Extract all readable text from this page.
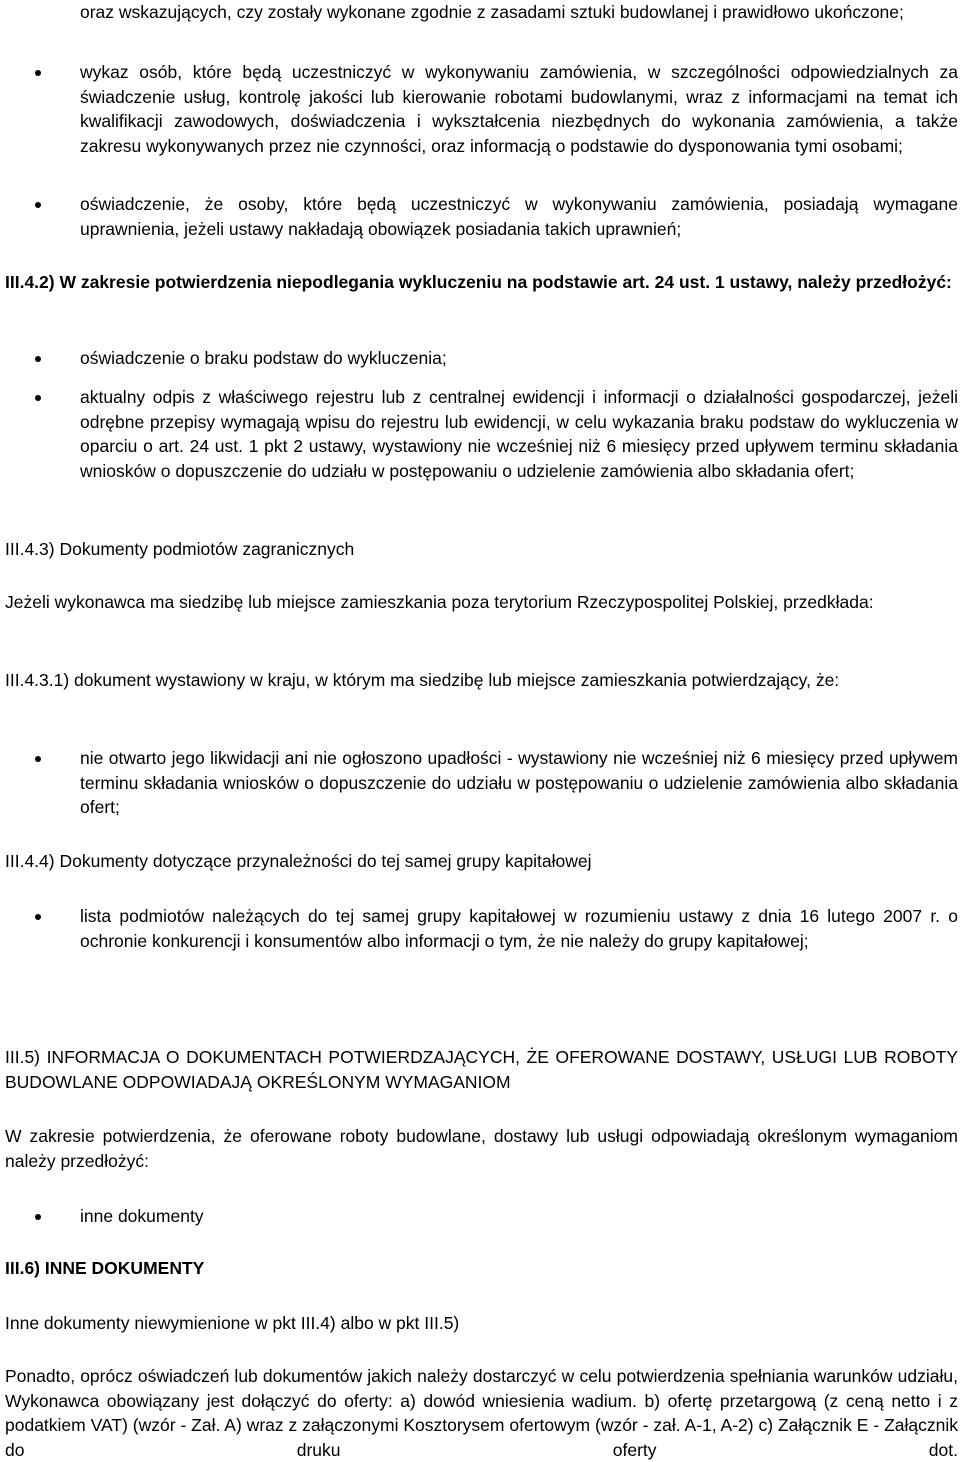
oraz wskazujących, czy zostały wykonane zgodnie z zasadami sztuki budowlanej i prawidłowo ukończone;
wykaz osób, które będą uczestniczyć w wykonywaniu zamówienia, w szczególności odpowiedzialnych za świadczenie usług, kontrolę jakości lub kierowanie robotami budowlanymi, wraz z informacjami na temat ich kwalifikacji zawodowych, doświadczenia i wykształcenia niezbędnych do wykonania zamówienia, a także zakresu wykonywanych przez nie czynności, oraz informacją o podstawie do dysponowania tymi osobami;
oświadczenie, że osoby, które będą uczestniczyć w wykonywaniu zamówienia, posiadają wymagane uprawnienia, jeżeli ustawy nakładają obowiązek posiadania takich uprawnień;
III.4.2) W zakresie potwierdzenia niepodlegania wykluczeniu na podstawie art. 24 ust. 1 ustawy, należy przedłożyć:
oświadczenie o braku podstaw do wykluczenia;
aktualny odpis z właściwego rejestru lub z centralnej ewidencji i informacji o działalności gospodarczej, jeżeli odrębne przepisy wymagają wpisu do rejestru lub ewidencji, w celu wykazania braku podstaw do wykluczenia w oparciu o art. 24 ust. 1 pkt 2 ustawy, wystawiony nie wcześniej niż 6 miesięcy przed upływem terminu składania wniosków o dopuszczenie do udziału w postępowaniu o udzielenie zamówienia albo składania ofert;
III.4.3) Dokumenty podmiotów zagranicznych
Jeżeli wykonawca ma siedzibę lub miejsce zamieszkania poza terytorium Rzeczypospolitej Polskiej, przedkłada:
III.4.3.1) dokument wystawiony w kraju, w którym ma siedzibę lub miejsce zamieszkania potwierdzający, że:
nie otwarto jego likwidacji ani nie ogłoszono upadłości - wystawiony nie wcześniej niż 6 miesięcy przed upływem terminu składania wniosków o dopuszczenie do udziału w postępowaniu o udzielenie zamówienia albo składania ofert;
III.4.4) Dokumenty dotyczące przynależności do tej samej grupy kapitałowej
lista podmiotów należących do tej samej grupy kapitałowej w rozumieniu ustawy z dnia 16 lutego 2007 r. o ochronie konkurencji i konsumentów albo informacji o tym, że nie należy do grupy kapitałowej;
III.5) INFORMACJA O DOKUMENTACH POTWIERDZAJĄCYCH, ŻE OFEROWANE DOSTAWY, USŁUGI LUB ROBOTY BUDOWLANE ODPOWIADAJĄ OKREŚLONYM WYMAGANIOM
W zakresie potwierdzenia, że oferowane roboty budowlane, dostawy lub usługi odpowiadają określonym wymaganiom należy przedłożyć:
inne dokumenty
III.6) INNE DOKUMENTY
Inne dokumenty niewymienione w pkt III.4) albo w pkt III.5)
Ponadto, oprócz oświadczeń lub dokumentów jakich należy dostarczyć w celu potwierdzenia spełniania warunków udziału, Wykonawca obowiązany jest dołączyć do oferty: a) dowód wniesienia wadium. b) ofertę przetargową (z ceną netto i z podatkiem VAT) (wzór - Zał. A) wraz z załączonymi Kosztorysem ofertowym (wzór - zał. A-1, A-2) c) Załącznik E - Załącznik do druku oferty dot.
